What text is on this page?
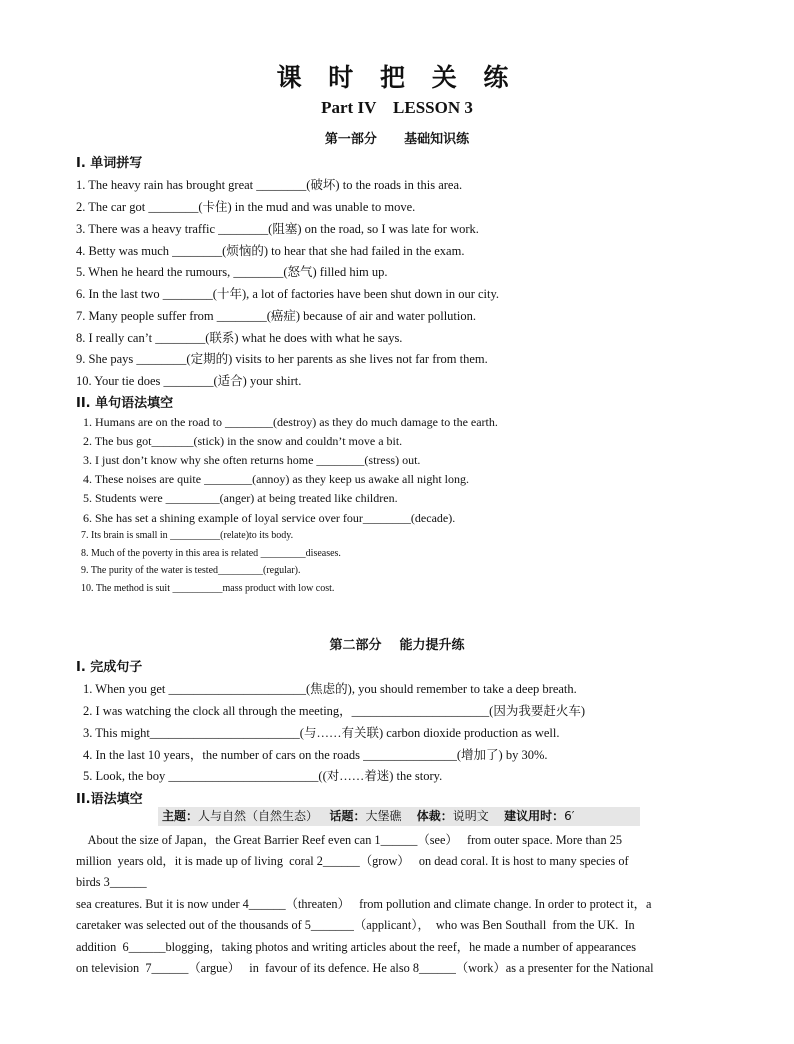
课 时 把 关 练
Part IV    LESSON 3
第一部分      基础知识练
I. 单词拼写
1. The heavy rain has brought great ________(破坏) to the roads in this area.
2. The car got ________(卡住) in the mud and was unable to move.
3. There was a heavy traffic ________(阻塞) on the road, so I was late for work.
4. Betty was much ________(烦恼的) to hear that she had failed in the exam.
5. When he heard the rumours, ________(怒气) filled him up.
6. In the last two ________(十年), a lot of factories have been shut down in our city.
7. Many people suffer from ________(癌症) because of air and water pollution.
8. I really can’t ________(联系) what he does with what he says.
9. She pays ________(定期的) visits to her parents as she lives not far from them.
10. Your tie does ________(适合) your shirt.
II. 单句语法填空
1. Humans are on the road to ________(destroy) as they do much damage to the earth.
2. The bus got_______(stick) in the snow and couldn’t move a bit.
3. I just don’t know why she often returns home ________(stress) out.
4. These noises are quite ________(annoy) as they keep us awake all night long.
5. Students were _________(anger) at being treated like children.
6. She has set a shining example of loyal service over four________(decade).
7. Its brain is small in __________(relate)to its body.
8. Much of the poverty in this area is related _________diseases.
9. The purity of the water is tested_________(regular).
10. The method is suit __________mass product with low cost.
第二部分    能力提升练
I. 完成句子
1. When you get ______________________(焦虑的), you should remember to take a deep breath.
2. I was watching the clock all through the meeting，______________________(因为我要赶火车)
3. This might________________________(与……有关联) carbon dioxide production as well.
4. In the last 10 years，the number of cars on the roads _______________(增加了) by 30%.
5. Look, the boy ________________________((对……着迷) the story.
II.语法填空
主题：人与自然（自然生态） 话题：大堡礁 体裁：说明文 建议用时：6′
About the size of Japan，the Great Barrier Reef even can 1______（see）   from outer space. More than 25
million  years old，it is made up of living  coral 2______（grow）   on dead coral. It is host to many species of
birds 3______
sea creatures. But it is now under 4______（threaten）   from pollution and climate change. In order to protect it，a
caretaker was selected out of the thousands of 5_______（applicant），  who was Ben Southall  from the UK.  In
addition  6______blogging，taking photos and writing articles about the reef，he made a number of appearances
on television  7______（argue）   in  favour of its defence. He also 8______（work）as a presenter for the National
